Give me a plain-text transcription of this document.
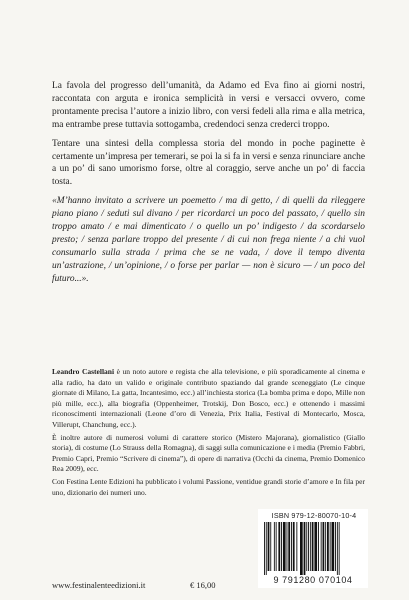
La favola del progresso dell’umanità, da Adamo ed Eva fino ai giorni nostri, raccontata con arguta e ironica semplicità in versi e versacci ovvero, come prontamente precisa l’autore a inizio libro, con versi fedeli alla rima e alla metrica, ma entrambe prese tuttavia sottogamba, credendoci senza crederci troppo.

Tentare una sintesi della complessa storia del mondo in poche paginette è certamente un’impresa per temerari, se poi la si fa in versi e senza rinunciare anche a un po’ di sano umorismo forse, oltre al coraggio, serve anche un po’ di faccia tosta.

«M’hanno invitato a scrivere un poemetto / ma di getto, / di quelli da rileggere piano piano / seduti sul divano / per ricordarci un poco del passato, / quello sin troppo amato / e mai dimenticato / o quello un po’ indigesto / da scordarselo presto; / senza parlare troppo del presente / di cui non frega niente / a chi vuol consumarlo sulla strada / prima che se ne vada, / dove il tempo diventa un’astrazione, / un’opinione, / o forse per parlar — non è sicuro — / un poco del futuro...».

Leandro Castellani è un noto autore e regista che alla televisione, e più sporadicamente al cinema e alla radio, ha dato un valido e originale contributo spaziando dal grande sceneggiato (Le cinque giornate di Milano, La gatta, Incantesimo, ecc.) all’inchiesta storica (La bomba prima e dopo, Mille non più mille, ecc.), alla biografia (Oppenheimer, Trotskij, Don Bosco, ecc.) e ottenendo i massimi riconoscimenti internazionali (Leone d’oro di Venezia, Prix Italia, Festival di Montecarlo, Mosca, Villerupt, Chanchung, ecc.).

È inoltre autore di numerosi volumi di carattere storico (Mistero Majorana), giornalistico (Giallo storia), di costume (Lo Strauss della Romagna), di saggi sulla comunicazione e i media (Premio Fabbri, Premio Capri, Premio “Scrivere di cinema”), di opere di narrativa (Occhi da cinema, Premio Domenico Rea 2009), ecc.

Con Festina Lente Edizioni ha pubblicato i volumi Passione, ventidue grandi storie d’amore e In fila per uno, dizionario dei numeri uno.

ISBN 979-12-80070-10-4
9 791280 070104
www.festinalenteedizioni.it	€ 16,00
